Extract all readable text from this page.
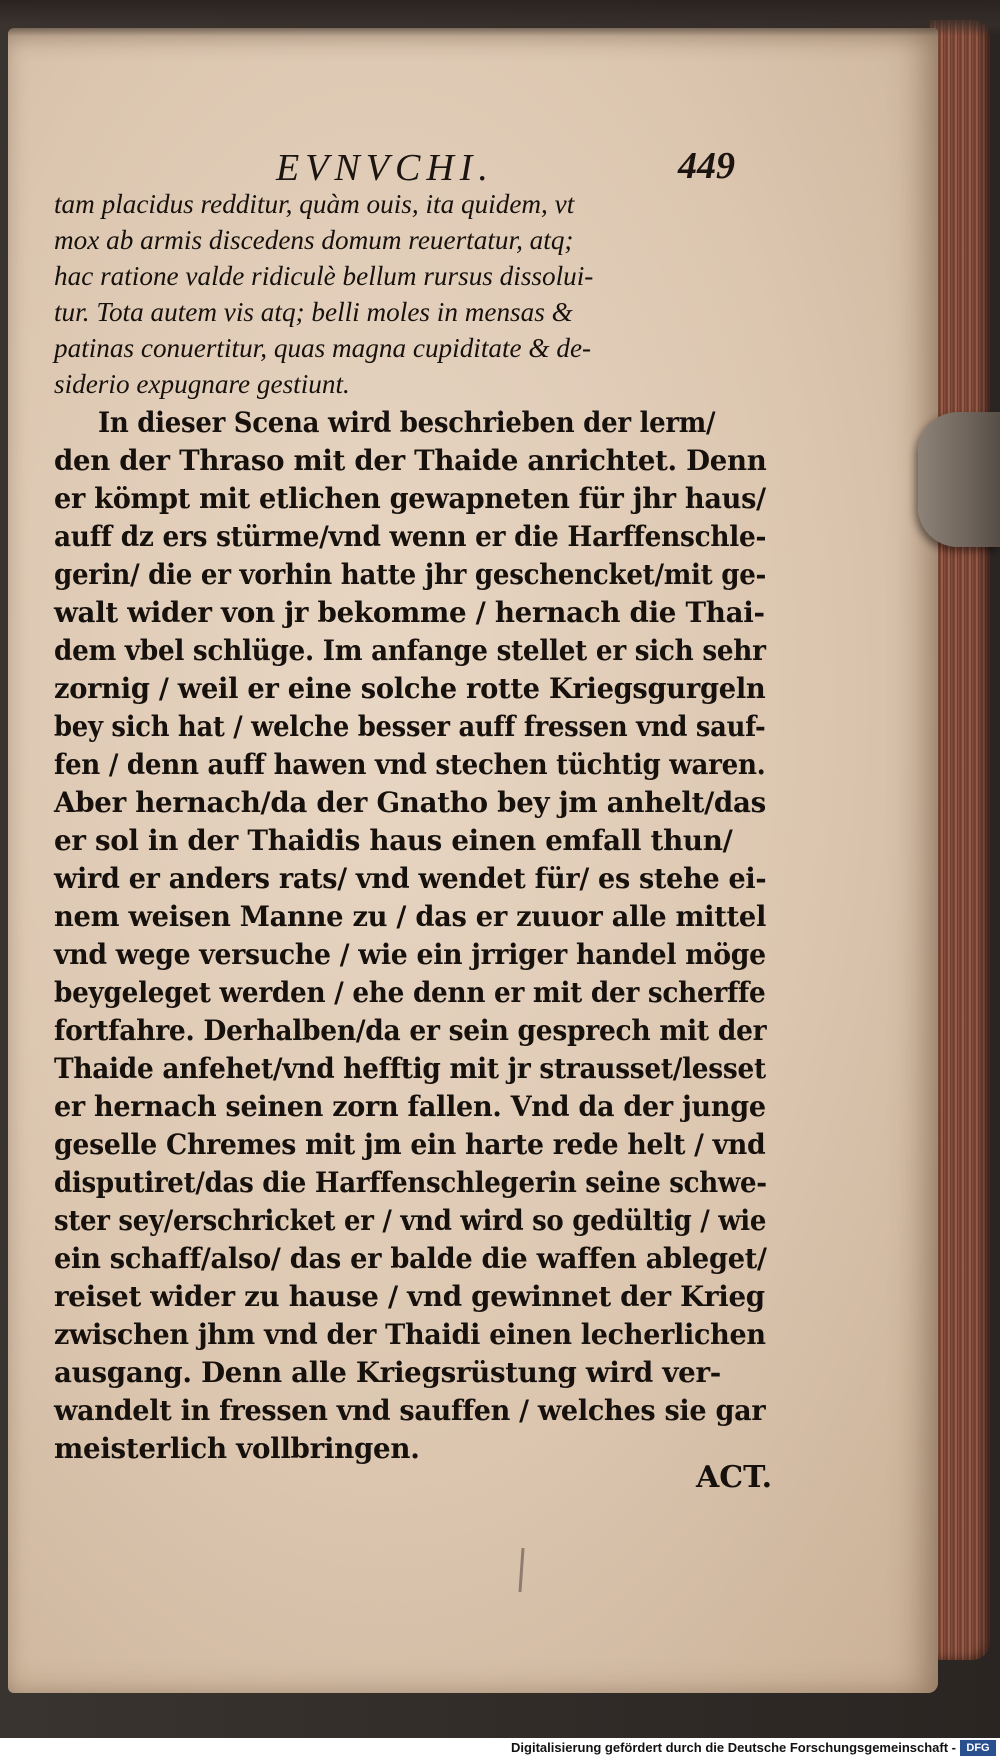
EVNVCHI.	449
tam placidus redditur, quàm ouis, ita quidem, vt
mox ab armis discedens domum reuertatur, atq;
hac ratione valde ridiculè bellum rursus dissolui-
tur. Tota autem vis atq; belli moles in mensas &
patinas conuertitur, quas magna cupiditate & de-
siderio expugnare gestiunt.
In dieser Scena wird beschrieben der lerm/
den der Thraso mit der Thaide anrichtet. Denn
er kömpt mit etlichen gewapneten für jhr haus/
auff dz ers stürme/vnd wenn er die Harffenschle-
gerin/ die er vorhin hatte jhr geschencket/mit ge-
walt wider von jr bekomme / hernach die Thai-
dem vbel schlüge. Im anfange stellet er sich sehr
zornig / weil er eine solche rotte Kriegsgurgeln
bey sich hat / welche besser auff fressen vnd sauf-
fen / denn auff hawen vnd stechen tüchtig waren.
Aber hernach/da der Gnatho bey jm anhelt/das
er sol in der Thaidis haus einen emfall thun/
wird er anders rats/ vnd wendet für/ es stehe ei-
nem weisen Manne zu / das er zuuor alle mittel
vnd wege versuche / wie ein jrriger handel möge
beygeleget werden / ehe denn er mit der scherffe
fortfahre. Derhalben/da er sein gesprech mit der
Thaide anfehet/vnd hefftig mit jr strausset/lesset
er hernach seinen zorn fallen. Vnd da der junge
geselle Chremes mit jm ein harte rede helt / vnd
disputiret/das die Harffenschlegerin seine schwe-
ster sey/erschricket er / vnd wird so gedültig / wie
ein schaff/also/ das er balde die waffen ableget/
reiset wider zu hause / vnd gewinnet der Krieg
zwischen jhm vnd der Thaidi einen lecherlichen
ausgang. Denn alle Kriegsrüstung wird ver-
wandelt in fressen vnd sauffen / welches sie gar
meisterlich vollbringen.
ACT.
Digitalisierung gefördert durch die Deutsche Forschungsgemeinschaft - DFG
